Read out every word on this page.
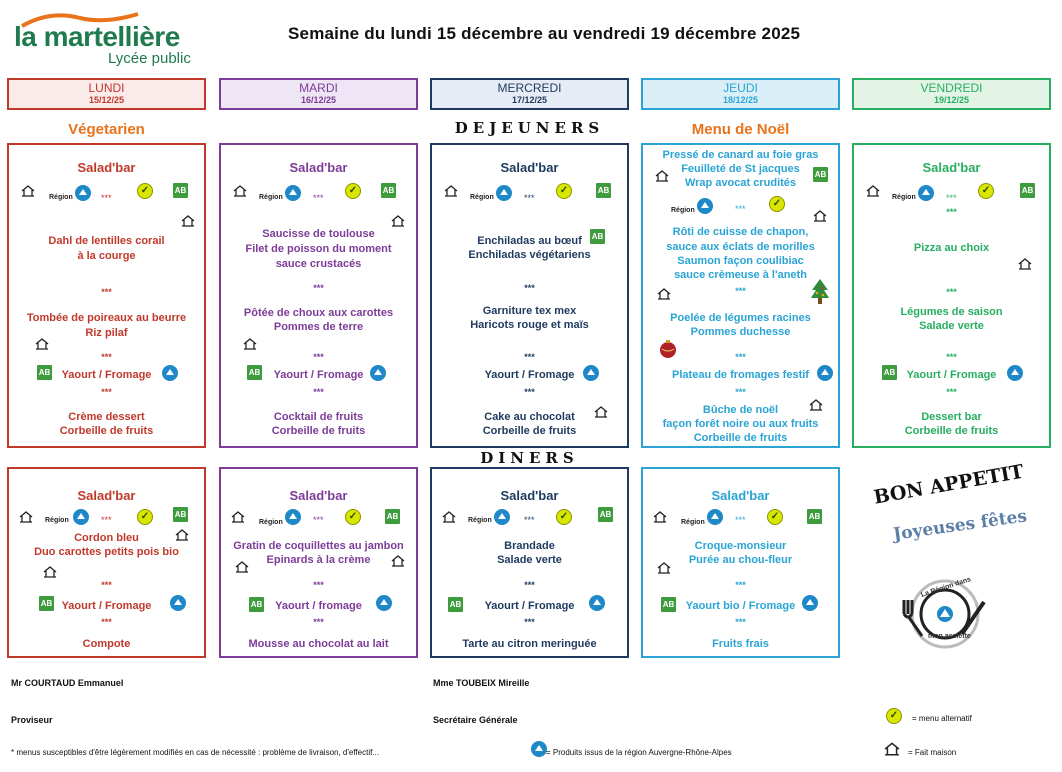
la martellière
Lycée public
Semaine du lundi 15 décembre au vendredi 19 décembre 2025
LUNDI
15/12/25
MARDI
16/12/25
MERCREDI
17/12/25
JEUDI
18/12/25
VENDREDI
19/12/25
Végetarien	DEJEUNERS	Menu de Noël
Salad'bar
Région	***
✓	AB
Dahl de lentilles corail
à la courge
***
Tombée de poireaux au beurre
Riz pilaf
***
AB	Yaourt / Fromage
***
Crème dessert
Corbeille de fruits
Salad'bar
Région	***
✓	AB
Saucisse de toulouse
Filet de poisson du moment
sauce crustacés
***
Pôtée de choux aux carottes
Pommes de terre
***
AB	Yaourt / Fromage
***
Cocktail de fruits
Corbeille de fruits
Salad'bar
Région	***
✓	AB
AB
Enchiladas au bœuf
Enchiladas végétariens
***
Garniture tex mex
Haricots rouge et maïs
***
Yaourt / Fromage
***
Cake au chocolat
Corbeille de fruits
Pressé de canard au foie gras
Feuilleté de St jacques
Wrap avocat crudités
AB
Région	***	✓
Rôti de cuisse de chapon,
sauce aux éclats de morilles
Saumon façon coulibiac
sauce crèmeuse à l'aneth
***
Poelée de légumes racines
Pommes duchesse
***
Plateau de fromages festif
***
Bûche de noël
façon forêt noire ou aux fruits
Corbeille de fruits
Salad'bar
Région	***
✓	AB
***
Pizza au choix
***
Légumes de saison
Salade verte
***
AB	Yaourt / Fromage
***
Dessert bar
Corbeille de fruits
DINERS
Salad'bar
Région	***	✓	AB
Cordon bleu
Duo carottes petits pois bio
***
AB Yaourt / Fromage
***
Compote
Salad'bar
Région	***	✓	AB
Gratin de coquillettes au jambon
Epinards à la crème
***
AB	Yaourt / fromage
***
Mousse au chocolat au lait
Salad'bar
Région	***	✓	AB
Brandade
Salade verte
***
AB	Yaourt / Fromage
***
Tarte au citron meringuée
Salad'bar
Région	***	✓	AB
Croque-monsieur
Purée au chou-fleur
***
AB	Yaourt bio / Fromage
***
Fruits frais
BON APPETIT
Joyeuses fêtes
La Région dans
mon assiette
Mr COURTAUD Emmanuel
Proviseur
Mme TOUBEIX Mireille
Secrétaire Générale	✓	= menu alternatif
* menus susceptibles d'être légèrement modifiés en cas de nécessité : problème de livraison, d'effectif...	= Produits issus de la région Auvergne-Rhône-Alpes	= Fait maison
